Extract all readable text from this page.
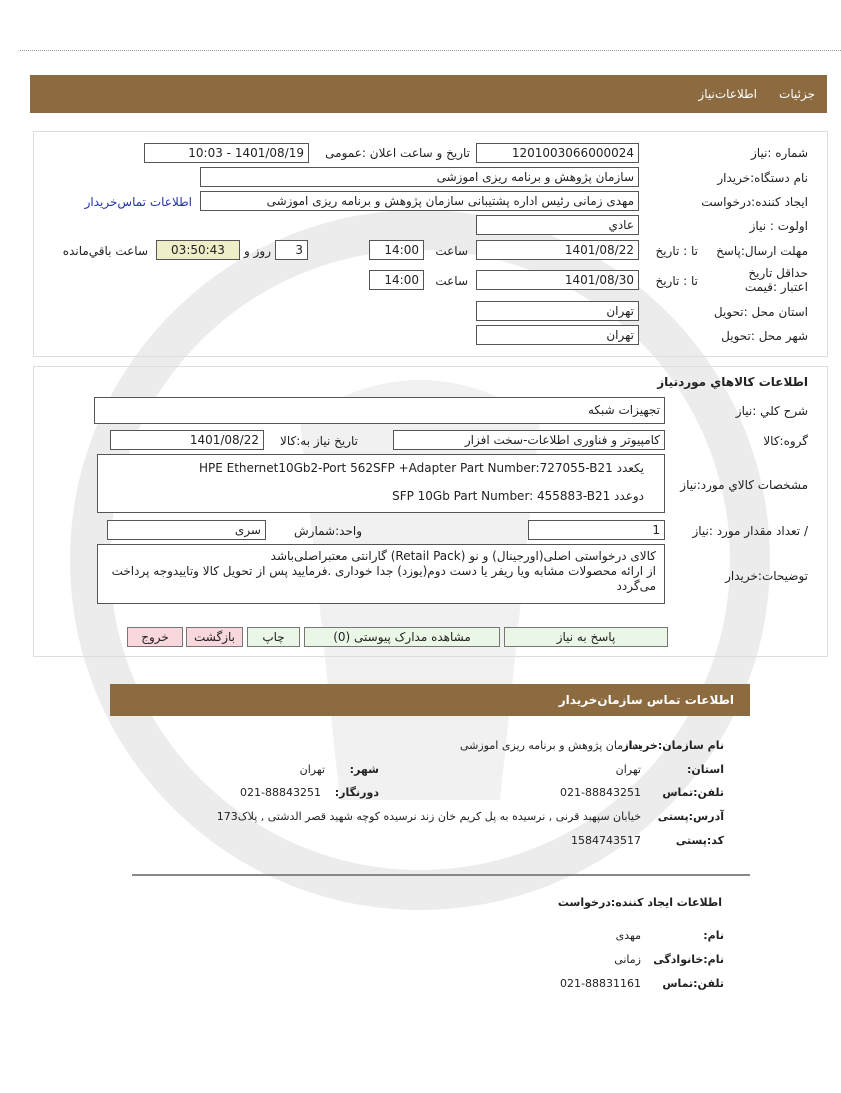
جزئیات
اطلاعات‌نیاز
شماره :نیاز
1201003066000024
تاریخ و ساعت اعلان :عمومی
1401/08/19 - 10:03
نام دستگاه:خریدار
سازمان پژوهش و برنامه ریزی اموزشی
ایجاد کننده:درخواست
مهدی زمانی رئیس اداره پشتیبانی سازمان پژوهش و برنامه ریزی اموزشی
اطلاعات تماس‌خریدار
اولوت : نیاز
عادي
مهلت ارسال:پاسخ
تا : تاریخ
1401/08/22
ساعت
14:00
3
روز و
03:50:43
ساعت باقي‌مانده
حداقل تاریخ اعتبار :قیمت
تا : تاریخ
1401/08/30
ساعت
14:00
استان محل :تحویل
تهران
شهر محل :تحویل
تهران
اطلاعات کالاهاي موردنياز
شرح کلي :نياز
تجهیزات شبکه
گروه:کالا
کامپیوتر و فناوری اطلاعات-سخت افزار
تاریخ نیاز به:کالا
1401/08/22
مشخصات کالاي مورد:نياز
HPE Ethernet10Gb2-Port 562SFP +Adapter Part Number:727055-B21 یکعدد
دوعدد SFP 10Gb Part Number: 455883-B21
/ تعداد مقدار مورد :نياز
1
واحد:شمارش
سری
توضیحات:خریدار
کالای درخواستی اصلی(اورجینال) و نو (Retail Pack) گارانتی معتبراصلی‌باشد
از ارائه محصولات مشابه ویا ریفر یا دست دوم(یوزد) جدا خوداری .فرمایید پس از تحویل کالا وتاییدوجه پرداخت می‌گردد
پاسخ به نیاز
مشاهده مدارک پیوستی (0)
چاپ
بازگشت
خروج
اطلاعات تماس سازمان‌خریدار
نام سازمان:خریدار
سازمان پژوهش و برنامه ریزی اموزشی
استان:
تهران
شهر:
تهران
تلفن:تماس
021-88843251
دورنگار:
021-88843251
آدرس:پستی
خیابان سپهبد قرنی , نرسیده به پل کریم خان زند نرسیده کوچه شهید قصر الدشتی , پلاک173
کد:پستی
1584743517
اطلاعات ایجاد کننده:درخواست
نام:
مهدی
نام:خانوادگی
زمانی
تلفن:تماس
021-88831161
